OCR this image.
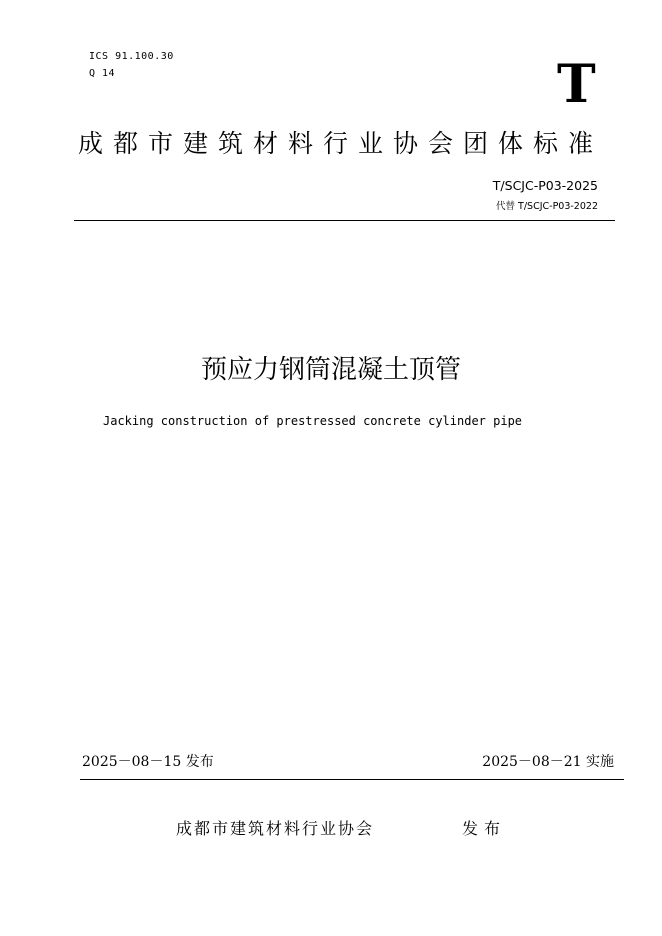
ICS 91.100.30
Q 14	T
成都市建筑材料行业协会团体标准
T/SCJC-P03-2025
代替 T/SCJC-P03-2022
预应力钢筒混凝土顶管
Jacking construction of prestressed concrete cylinder pipe
2025－08－15 发布	2025－08－21 实施
成都市建筑材料行业协会	发布
